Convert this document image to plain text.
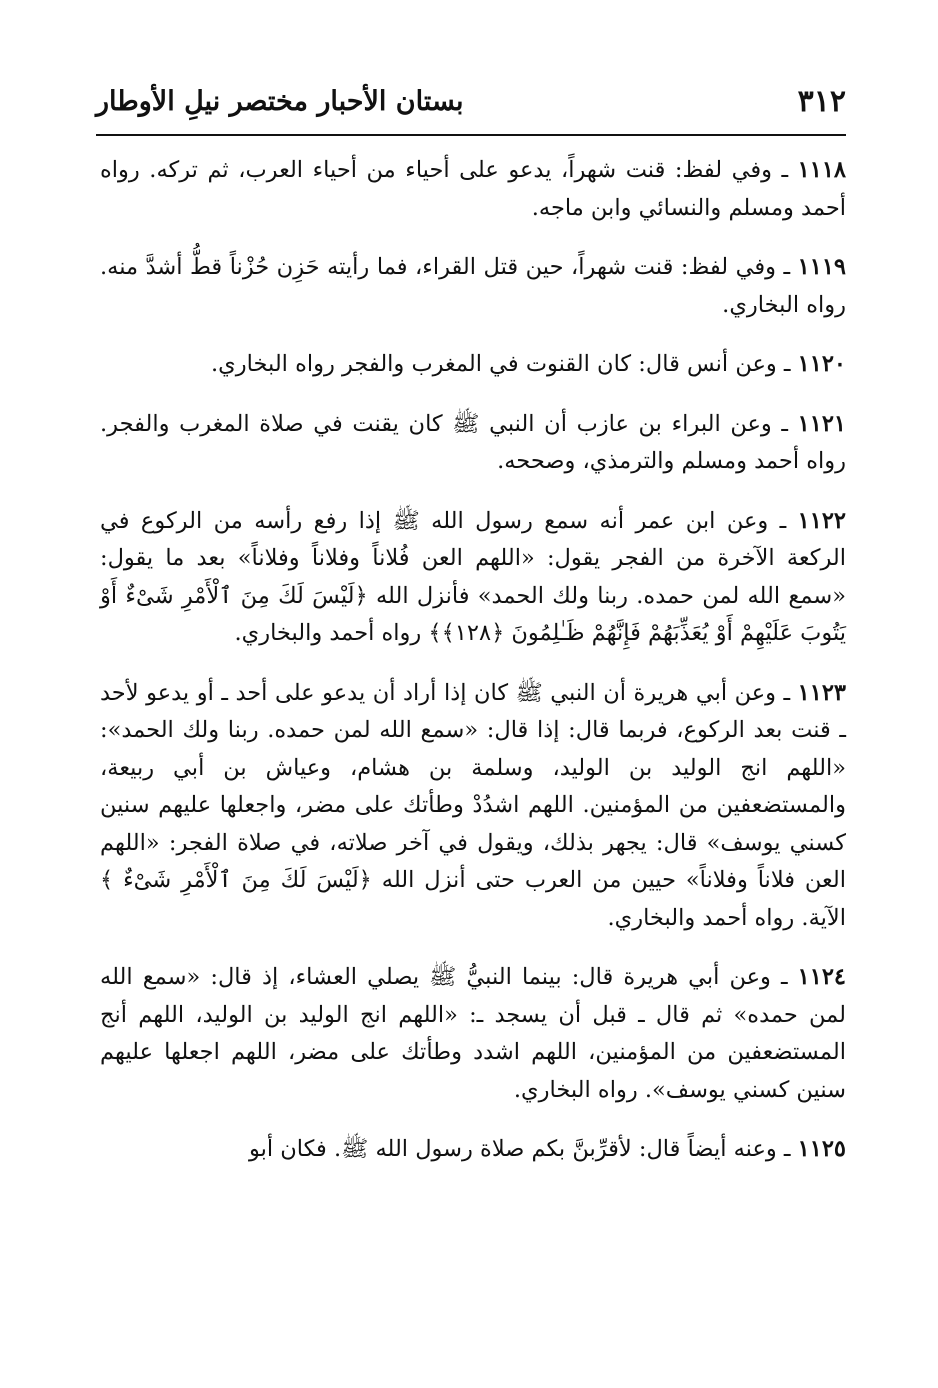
٣١٢
بستان الأحبار مختصر نيلِ الأوطار

١١١٨ ـ وفي لفظ: قنت شهراً، يدعو على أحياء من أحياء العرب، ثم تركه. رواه أحمد ومسلم والنسائي وابن ماجه.

١١١٩ ـ وفي لفظ: قنت شهراً، حين قتل القراء، فما رأيته حَزِن حُزْناً قطُّ أشدَّ منه. رواه البخاري.

١١٢٠ ـ وعن أنس قال: كان القنوت في المغرب والفجر رواه البخاري.

١١٢١ ـ وعن البراء بن عازب أن النبي ﷺ كان يقنت في صلاة المغرب والفجر. رواه أحمد ومسلم والترمذي، وصححه.

١١٢٢ ـ وعن ابن عمر أنه سمع رسول الله ﷺ إذا رفع رأسه من الركوع في الركعة الآخرة من الفجر يقول: «اللهم العن فُلاناً وفلاناً وفلاناً» بعد ما يقول: «سمع الله لمن حمده. ربنا ولك الحمد» فأنزل الله ﴿لَيْسَ لَكَ مِنَ ٱلْأَمْرِ شَىْءٌ أَوْ يَتُوبَ عَلَيْهِمْ أَوْ يُعَذِّبَهُمْ فَإِنَّهُمْ ظَـٰلِمُونَ ﴿١٢٨﴾﴾ رواه أحمد والبخاري.

١١٢٣ ـ وعن أبي هريرة أن النبي ﷺ كان إذا أراد أن يدعو على أحد ـ أو يدعو لأحد ـ قنت بعد الركوع، فربما قال: إذا قال: «سمع الله لمن حمده. ربنا ولك الحمد»: «اللهم انج الوليد بن الوليد، وسلمة بن هشام، وعياش بن أبي ربيعة، والمستضعفين من المؤمنين. اللهم اشدُدْ وطأتك على مضر، واجعلها عليهم سنين كسني يوسف» قال: يجهر بذلك، ويقول في آخر صلاته، في صلاة الفجر: «اللهم العن فلاناً وفلاناً» حيين من العرب حتى أنزل الله ﴿لَيْسَ لَكَ مِنَ ٱلْأَمْرِ شَىْءٌ ﴾ الآية. رواه أحمد والبخاري.

١١٢٤ ـ وعن أبي هريرة قال: بينما النبيُّ ﷺ يصلي العشاء، إذ قال: «سمع الله لمن حمده» ثم قال ـ قبل أن يسجد ـ: «اللهم انج الوليد بن الوليد، اللهم أنج المستضعفين من المؤمنين، اللهم اشدد وطأتك على مضر، اللهم اجعلها عليهم سنين كسني يوسف». رواه البخاري.

١١٢٥ ـ وعنه أيضاً قال: لأقرِّبنَّ بكم صلاة رسول الله ﷺ. فكان أبو
